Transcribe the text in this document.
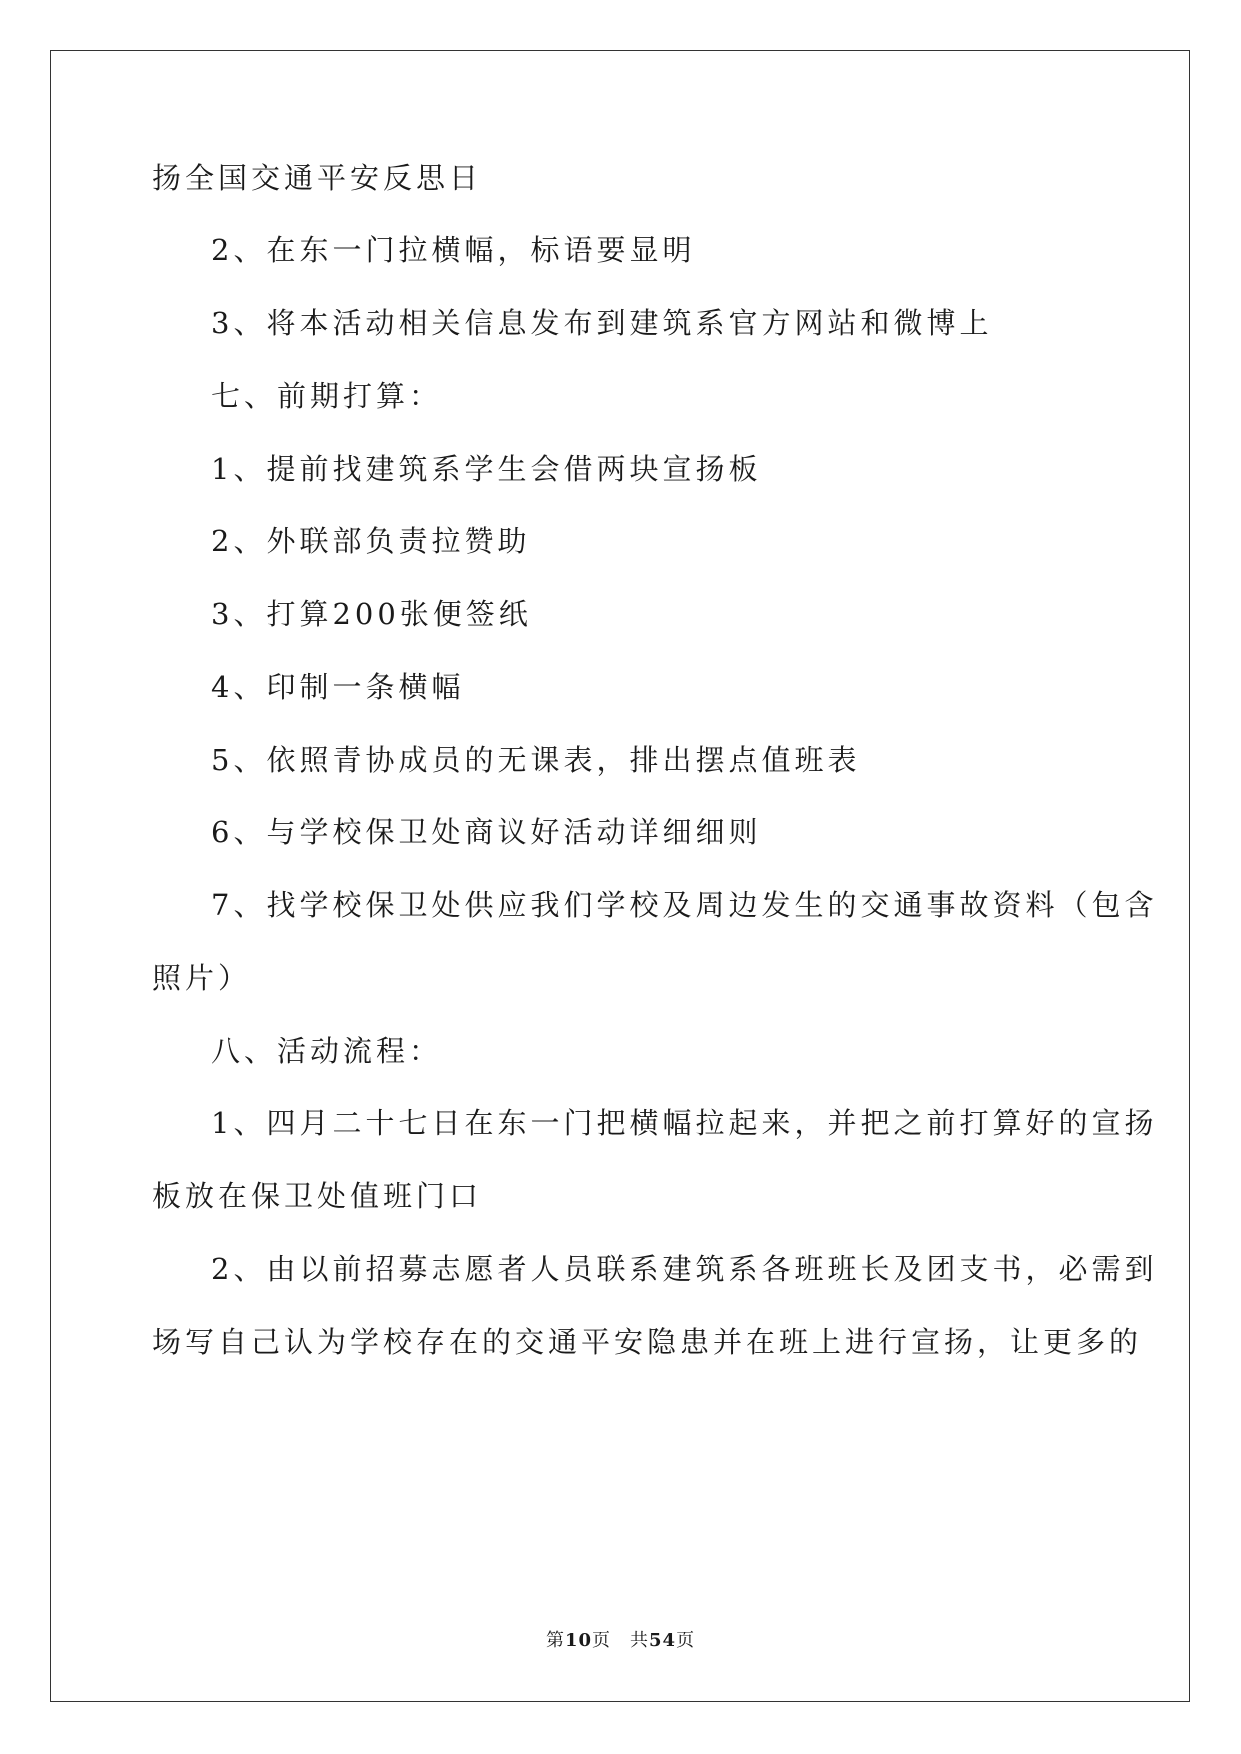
扬全国交通平安反思日
2、在东一门拉横幅，标语要显明
3、将本活动相关信息发布到建筑系官方网站和微博上
七、前期打算：
1、提前找建筑系学生会借两块宣扬板
2、外联部负责拉赞助
3、打算200张便签纸
4、印制一条横幅
5、依照青协成员的无课表，排出摆点值班表
6、与学校保卫处商议好活动详细细则
7、找学校保卫处供应我们学校及周边发生的交通事故资料（包含
照片）
八、活动流程：
1、四月二十七日在东一门把横幅拉起来，并把之前打算好的宣扬
板放在保卫处值班门口
2、由以前招募志愿者人员联系建筑系各班班长及团支书，必需到
场写自己认为学校存在的交通平安隐患并在班上进行宣扬，让更多的
第10页　共54页
